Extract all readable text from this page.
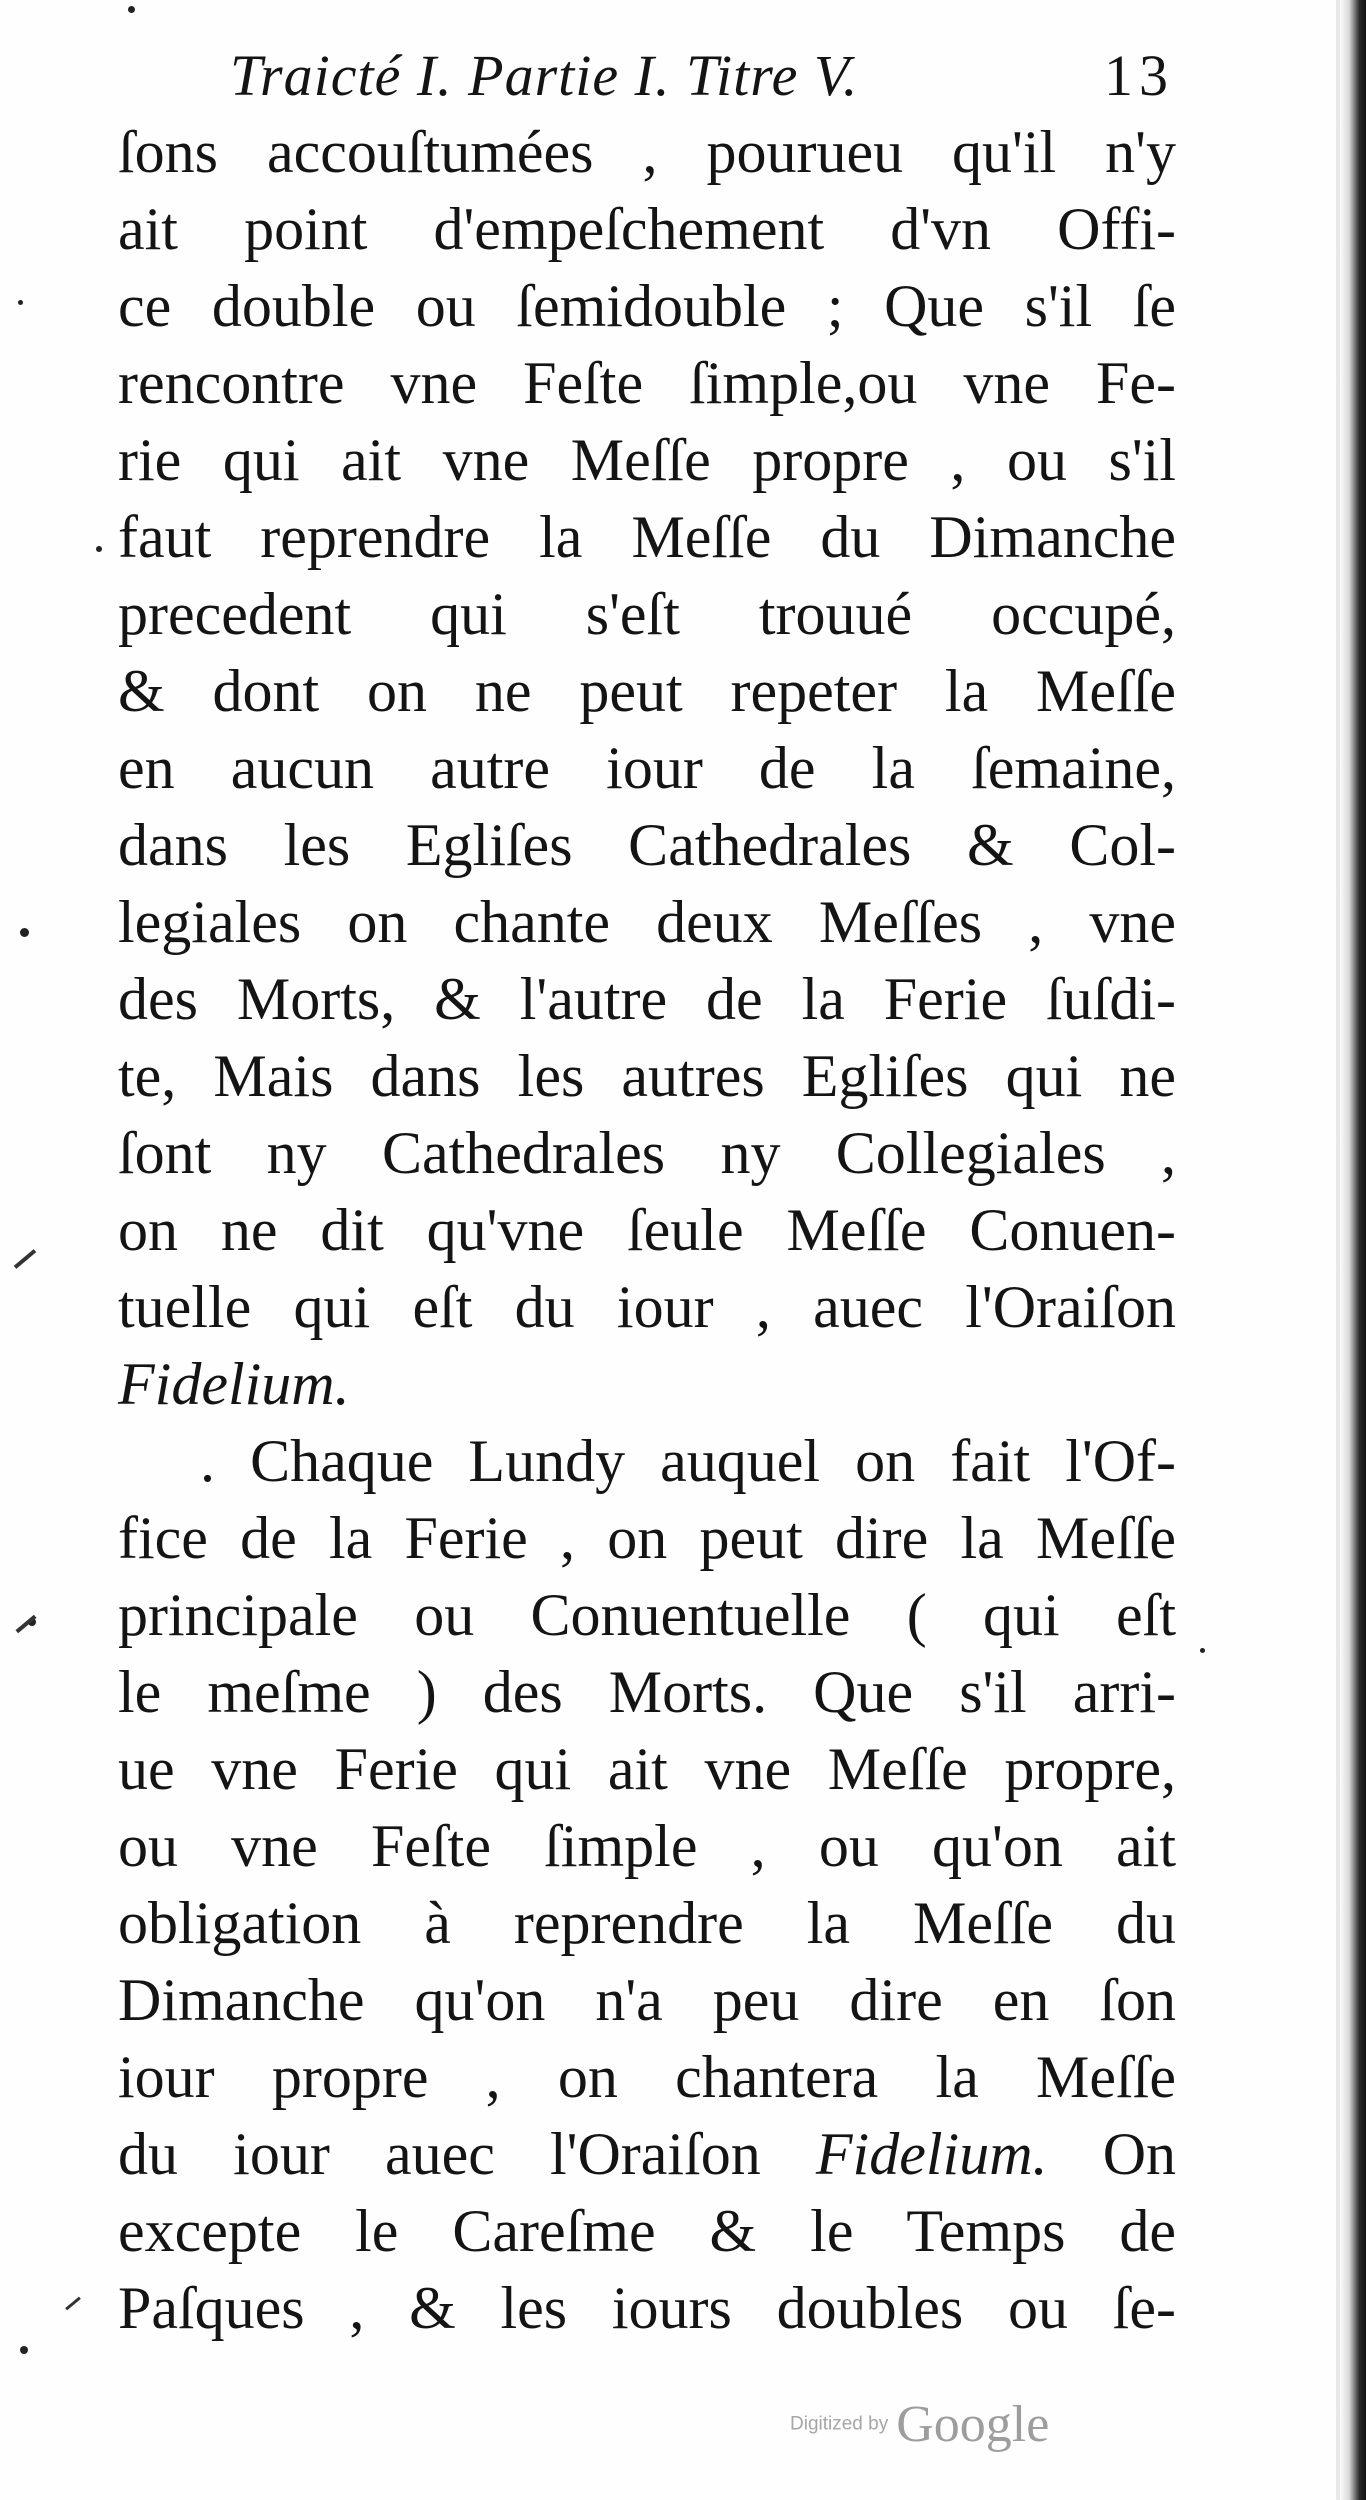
Traicté I. Partie I. Titre V.	13
ſons accouſtumées , pourueu qu'il n'y
ait point d'empeſchement d'vn Offi-
ce double ou ſemidouble ; Que s'il ſe
rencontre vne Feſte ſimple,ou vne Fe-
rie qui ait vne Meſſe propre , ou s'il
faut reprendre la Meſſe du Dimanche
precedent qui s'eſt trouué occupé,
& dont on ne peut repeter la Meſſe
en aucun autre iour de la ſemaine,
dans les Egliſes Cathedrales & Col-
legiales on chante deux Meſſes , vne
des Morts, & l'autre de la Ferie ſuſdi-
te, Mais dans les autres Egliſes qui ne
ſont ny Cathedrales ny Collegiales ,
on ne dit qu'vne ſeule Meſſe Conuen-
tuelle qui eſt du iour , auec l'Oraiſon
Fidelium.
. Chaque Lundy auquel on fait l'Of-
fice de la Ferie , on peut dire la Meſſe
principale ou Conuentuelle ( qui eſt
le meſme ) des Morts. Que s'il arri-
ue vne Ferie qui ait vne Meſſe propre,
ou vne Feſte ſimple , ou qu'on ait
obligation à reprendre la Meſſe du
Dimanche qu'on n'a peu dire en ſon
iour propre , on chantera la Meſſe
du iour auec l'Oraiſon Fidelium. On
excepte le Careſme & le Temps de
Paſques , & les iours doubles ou ſe-
Digitized by Google
